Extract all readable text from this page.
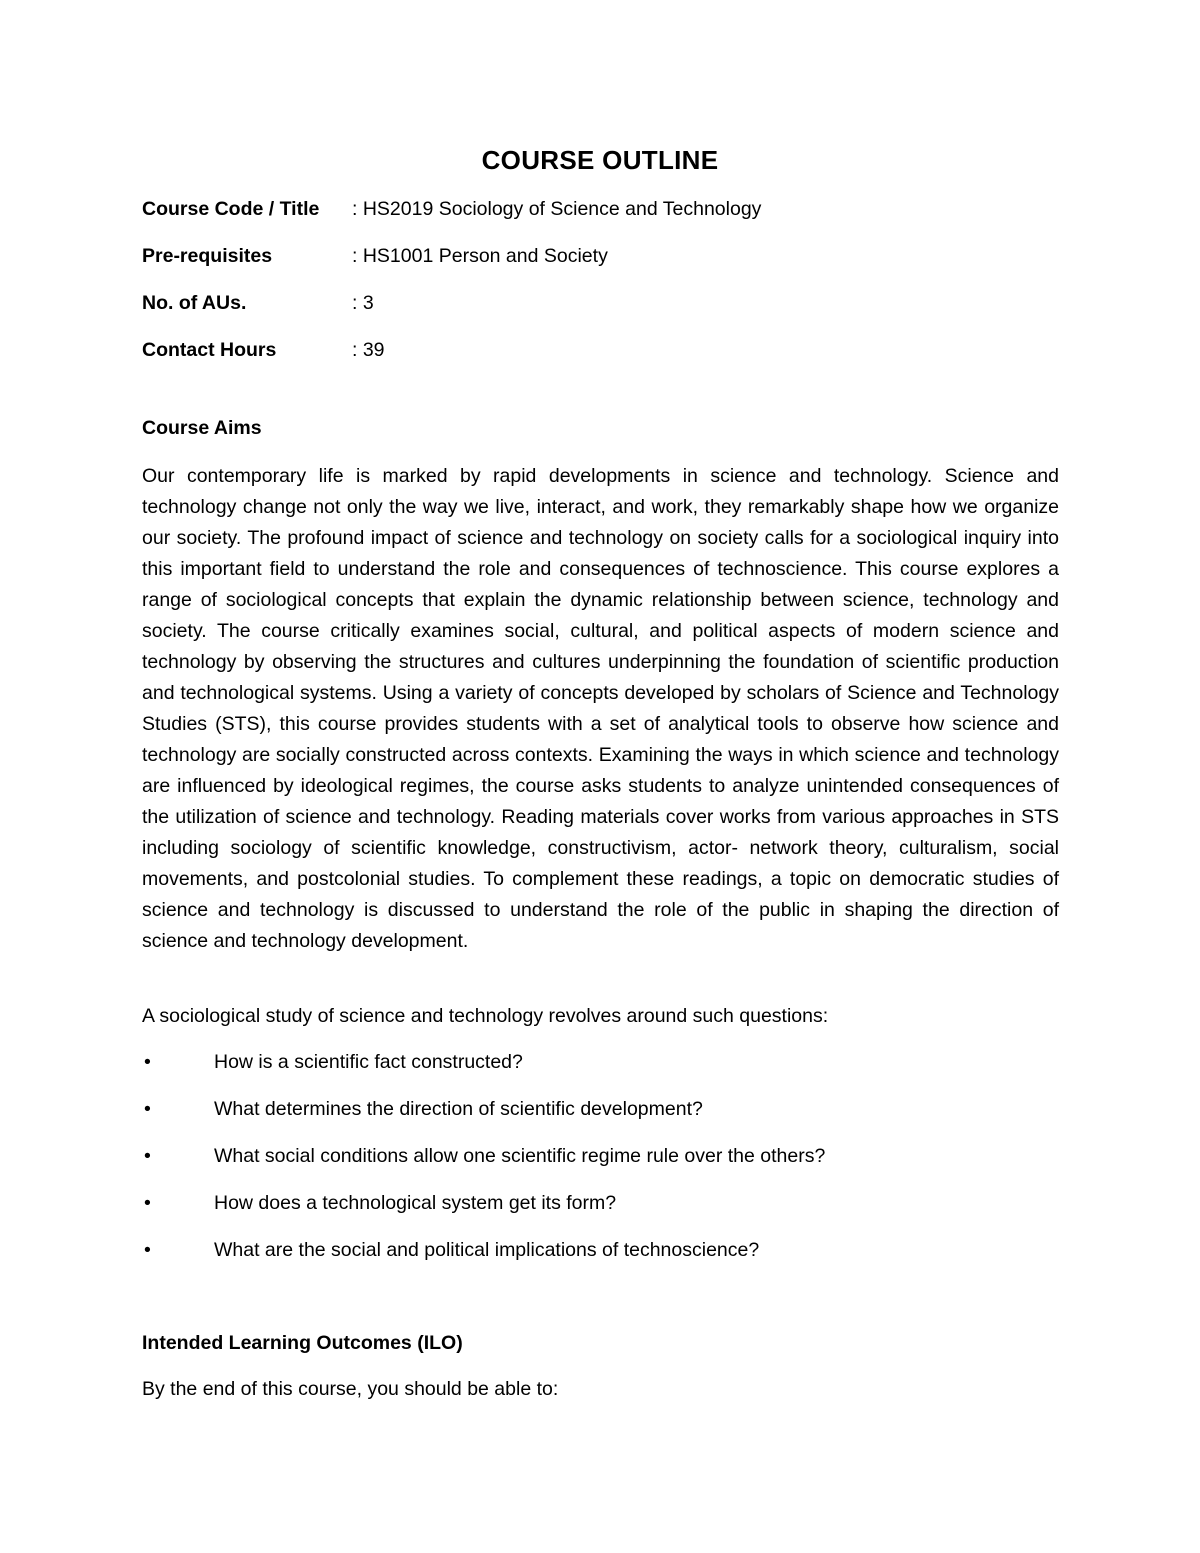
COURSE OUTLINE
Course Code / Title	: HS2019 Sociology of Science and Technology
Pre-requisites	: HS1001 Person and Society
No. of AUs.	: 3
Contact Hours	: 39
Course Aims
Our contemporary life is marked by rapid developments in science and technology. Science and technology change not only the way we live, interact, and work, they remarkably shape how we organize our society. The profound impact of science and technology on society calls for a sociological inquiry into this important field to understand the role and consequences of technoscience. This course explores a range of sociological concepts that explain the dynamic relationship between science, technology and society. The course critically examines social, cultural, and political aspects of modern science and technology by observing the structures and cultures underpinning the foundation of scientific production and technological systems. Using a variety of concepts developed by scholars of Science and Technology Studies (STS), this course provides students with a set of analytical tools to observe how science and technology are socially constructed across contexts. Examining the ways in which science and technology are influenced by ideological regimes, the course asks students to analyze unintended consequences of the utilization of science and technology. Reading materials cover works from various approaches in STS including sociology of scientific knowledge, constructivism, actor- network theory, culturalism, social movements, and postcolonial studies. To complement these readings, a topic on democratic studies of science and technology is discussed to understand the role of the public in shaping the direction of science and technology development.
A sociological study of science and technology revolves around such questions:
•	How is a scientific fact constructed?
•	What determines the direction of scientific development?
•	What social conditions allow one scientific regime rule over the others?
•	How does a technological system get its form?
•	What are the social and political implications of technoscience?
Intended Learning Outcomes (ILO)
By the end of this course, you should be able to:
